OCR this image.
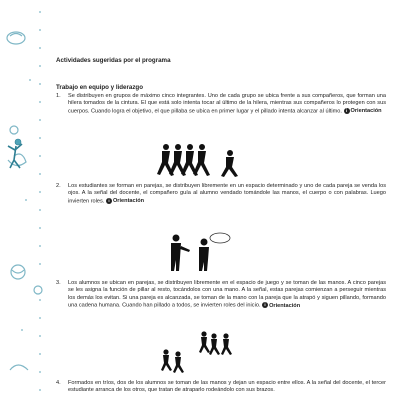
Actividades sugeridas por el programa
Trabajo en equipo y liderazgo
1.	Se distribuyen en grupos de máximo cinco integrantes. Uno de cada grupo se ubica frente a sus compañeros, que forman una hilera tomados de la cintura. El que está solo intenta tocar al último de la hilera, mientras sus compañeros lo protegen con sus cuerpos. Cuando logra el objetivo, el que pillaba se ubica en primer lugar y el pillado intenta alcanzar al último. i Orientación
2.	Los estudiantes se forman en parejas, se distribuyen libremente en un espacio determinado y uno de cada pareja se venda los ojos. A la señal del docente, el compañero guía al alumno vendado tomándole las manos, el cuerpo o con palabras. Luego invierten roles. i Orientación
3.	Los alumnos se ubican en parejas, se distribuyen libremente en el espacio de juego y se toman de las manos. A cinco parejas se les asigna la función de pillar al resto, tocándolos con una mano. A la señal, estas parejas comienzan a perseguir mientras los demás los evitan. Si una pareja es alcanzada, se toman de la mano con la pareja que la atrapó y siguen pillando, formando una cadena humana. Cuando han pillado a todos, se invierten roles del inicio. i Orientación
4.	Formados en tríos, dos de los alumnos se toman de las manos y dejan un espacio entre ellos. A la señal del docente, el tercer estudiante arranca de los otros, que tratan de atraparlo rodeándolo con sus brazos.
